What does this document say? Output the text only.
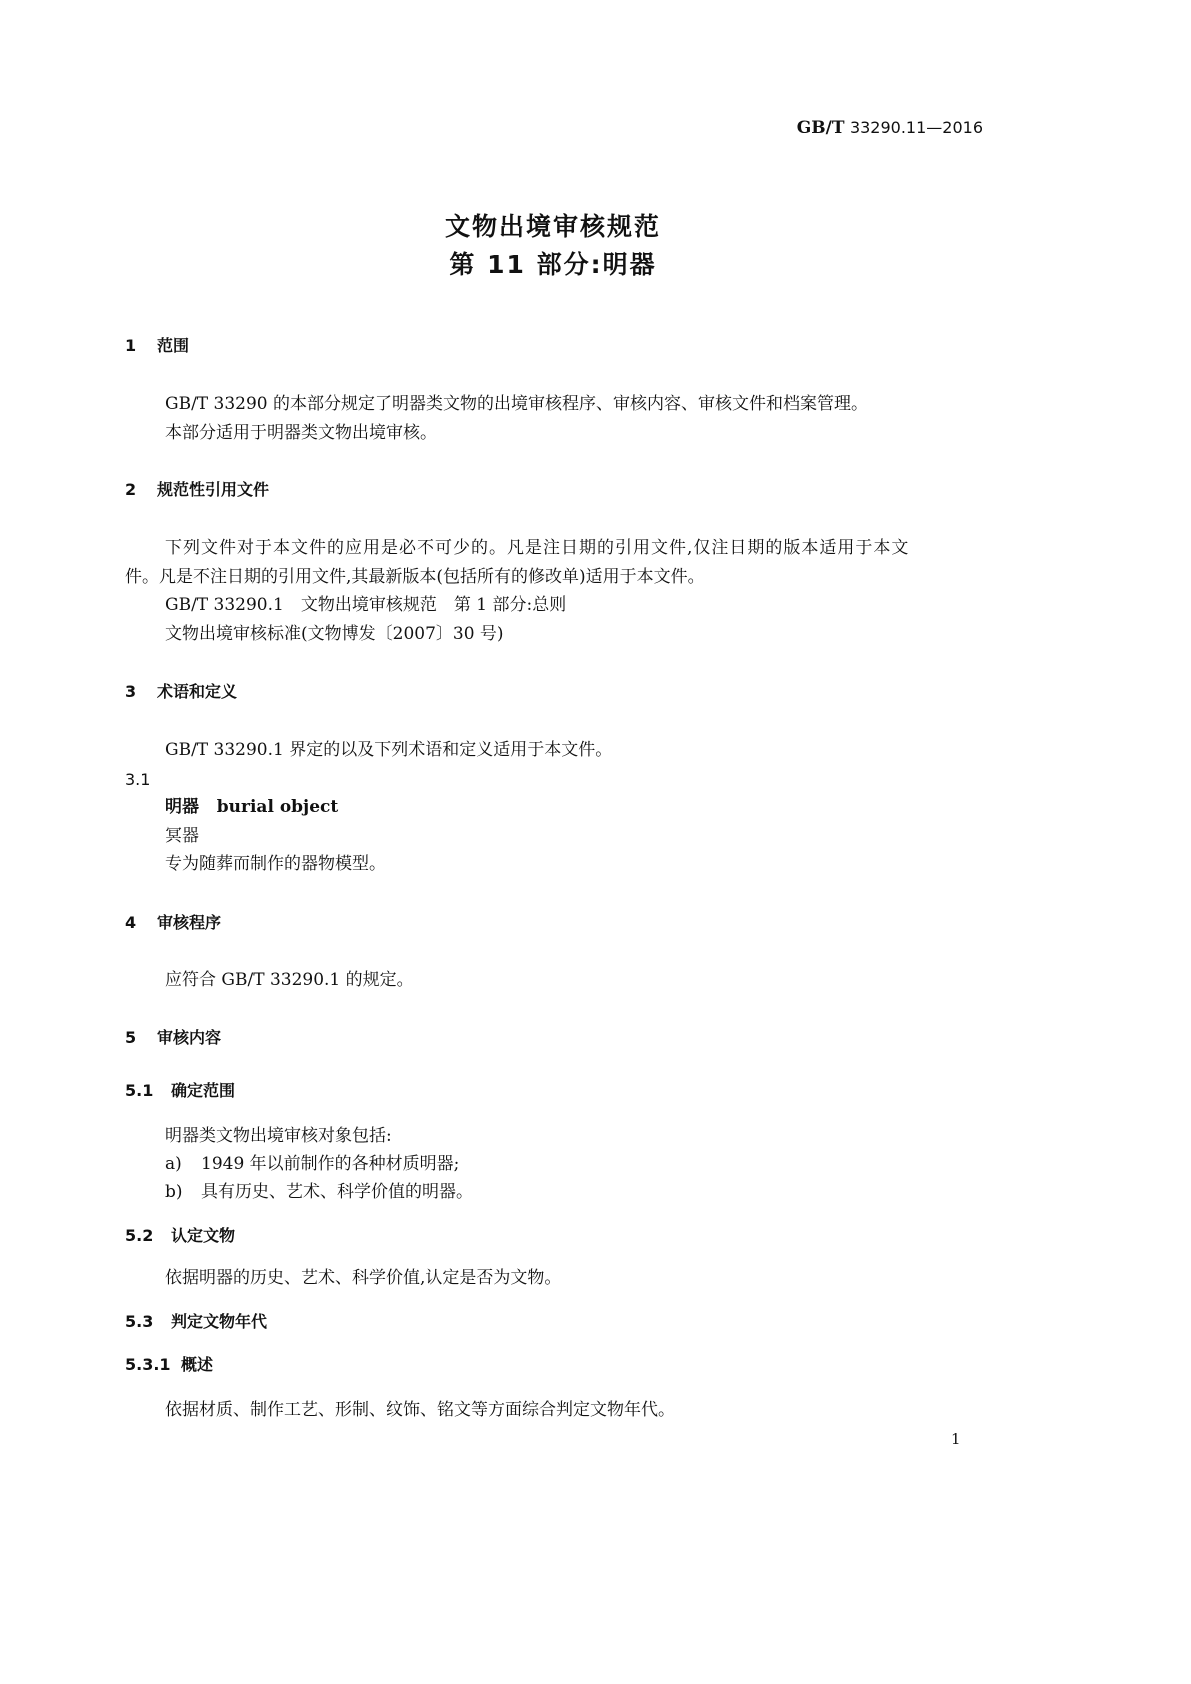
GB/T 33290.11—2016
文物出境审核规范
第 11 部分:明器
1 范围
GB/T 33290 的本部分规定了明器类文物的出境审核程序、审核内容、审核文件和档案管理。
本部分适用于明器类文物出境审核。
2 规范性引用文件
下列文件对于本文件的应用是必不可少的。凡是注日期的引用文件,仅注日期的版本适用于本文
件。凡是不注日期的引用文件,其最新版本(包括所有的修改单)适用于本文件。
GB/T 33290.1　文物出境审核规范　第 1 部分:总则
文物出境审核标准(文物博发〔2007〕30 号)
3 术语和定义
GB/T 33290.1 界定的以及下列术语和定义适用于本文件。
3.1
明器 burial object
冥器
专为随葬而制作的器物模型。
4 审核程序
应符合 GB/T 33290.1 的规定。
5 审核内容
5.1 确定范围
明器类文物出境审核对象包括:
a) 1949 年以前制作的各种材质明器;
b) 具有历史、艺术、科学价值的明器。
5.2 认定文物
依据明器的历史、艺术、科学价值,认定是否为文物。
5.3 判定文物年代
5.3.1 概述
依据材质、制作工艺、形制、纹饰、铭文等方面综合判定文物年代。
1
